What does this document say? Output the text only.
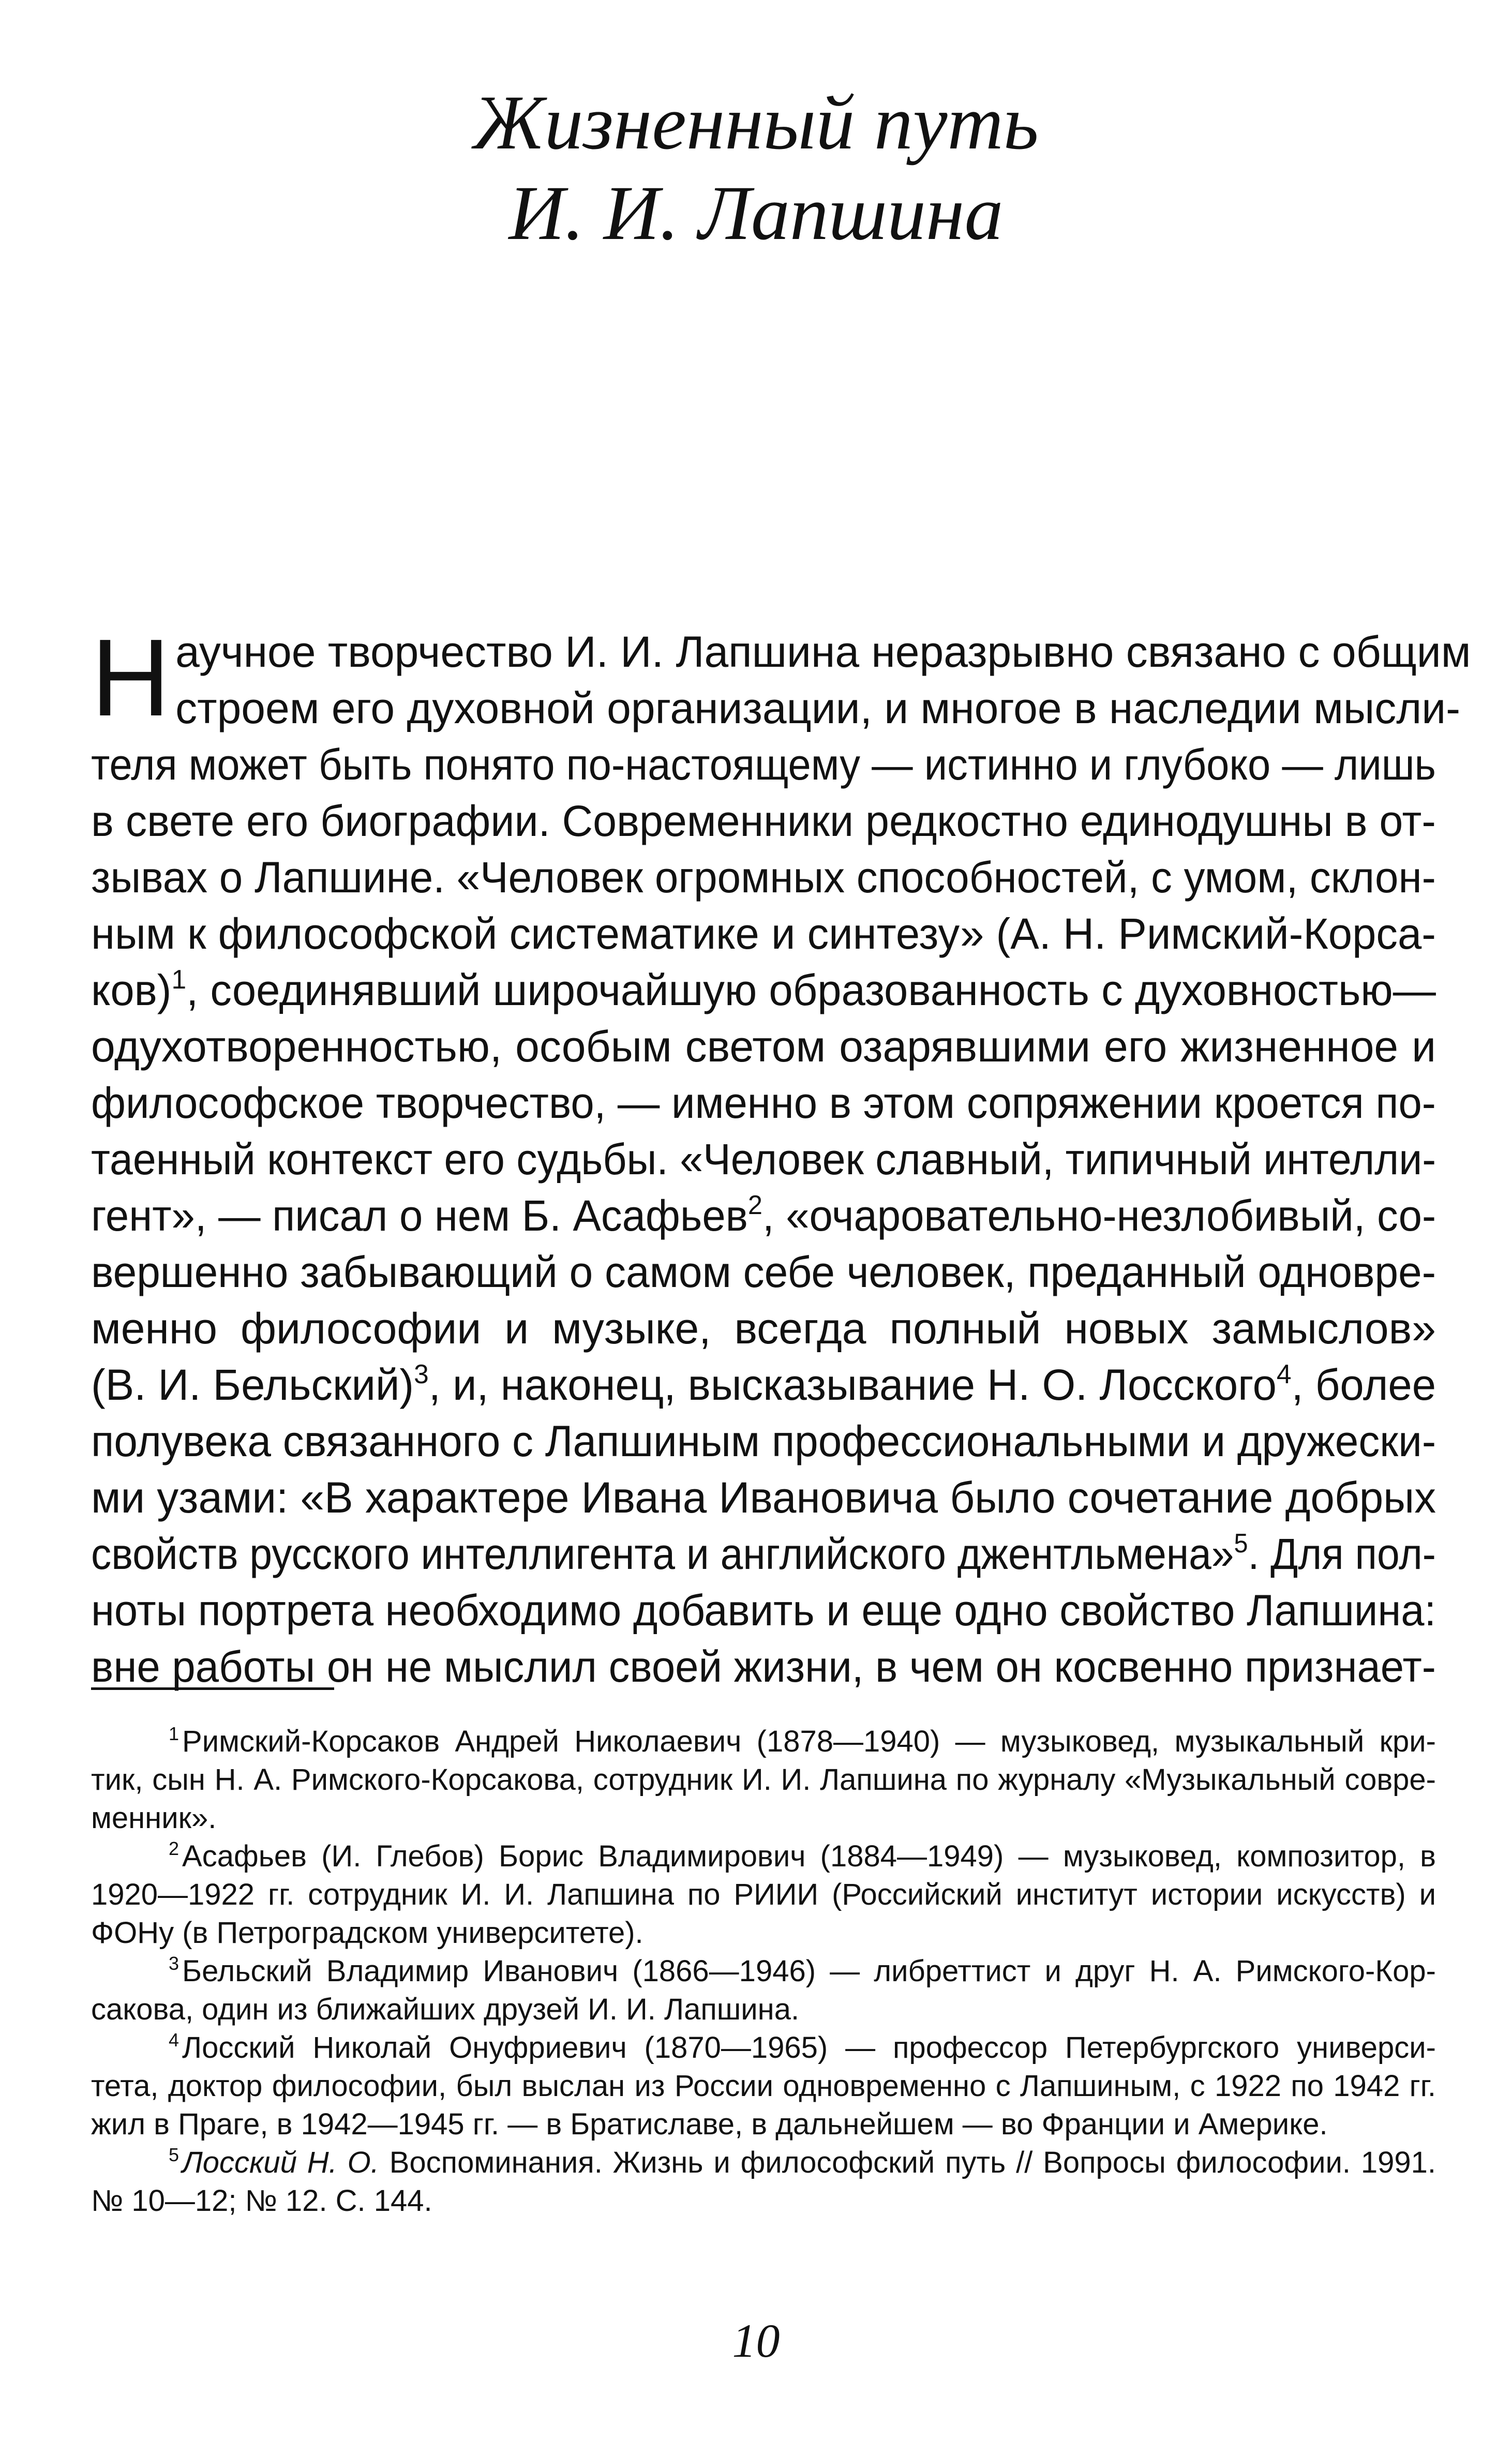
Жизненный путь
И. И. Лапшина
Н аучное творчество И. И. Лапшина неразрывно связано с общим
строем его духовной организации, и многое в наследии мысли-
теля может быть понято по-настоящему — истинно и глубоко — лишь
в свете его биографии. Современники редкостно единодушны в от-
зывах о Лапшине. «Человек огромных способностей, с умом, склон-
ным к философской систематике и синтезу» (А. Н. Римский-Корса-
ков)$^1$, соединявший широчайшую образованность с духовностью—
одухотворенностью, особым светом озарявшими его жизненное и
философское творчество, — именно в этом сопряжении кроется по-
таенный контекст его судьбы. «Человек славный, типичный интелли-
гент», — писал о нем Б. Асафьев$^2$, «очаровательно-незлобивый, со-
вершенно забывающий о самом себе человек, преданный одновре-
менно философии и музыке, всегда полный новых замыслов»
(В. И. Бельский)$^3$, и, наконец, высказывание Н. О. Лосского$^4$, более
полувека связанного с Лапшиным профессиональными и дружески-
ми узами: «В характере Ивана Ивановича было сочетание добрых
свойств русского интеллигента и английского джентльмена»$^5$. Для пол-
ноты портрета необходимо добавить и еще одно свойство Лапшина:
вне работы он не мыслил своей жизни, в чем он косвенно признает-
$^1$ Римский-Корсаков Андрей Николаевич (1878—1940) — музыковед, музыкальный кри-
тик, сын Н. А. Римского-Корсакова, сотрудник И. И. Лапшина по журналу «Музыкальный совре-
менник».
$^2$ Асафьев (И. Глебов) Борис Владимирович (1884—1949) — музыковед, композитор, в
1920—1922 гг. сотрудник И. И. Лапшина по РИИИ (Российский институт истории искусств) и
ФОНу (в Петроградском университете).
$^3$ Бельский Владимир Иванович (1866—1946) — либреттист и друг Н. А. Римского-Кор-
сакова, один из ближайших друзей И. И. Лапшина.
$^4$ Лосский Николай Онуфриевич (1870—1965) — профессор Петербургского универси-
тета, доктор философии, был выслан из России одновременно с Лапшиным, с 1922 по 1942 гг.
жил в Праге, в 1942—1945 гг. — в Братиславе, в дальнейшем — во Франции и Америке.
$^5$ Лосский Н. О. Воспоминания. Жизнь и философский путь // Вопросы философии. 1991.
№ 10—12; № 12. С. 144.
10
